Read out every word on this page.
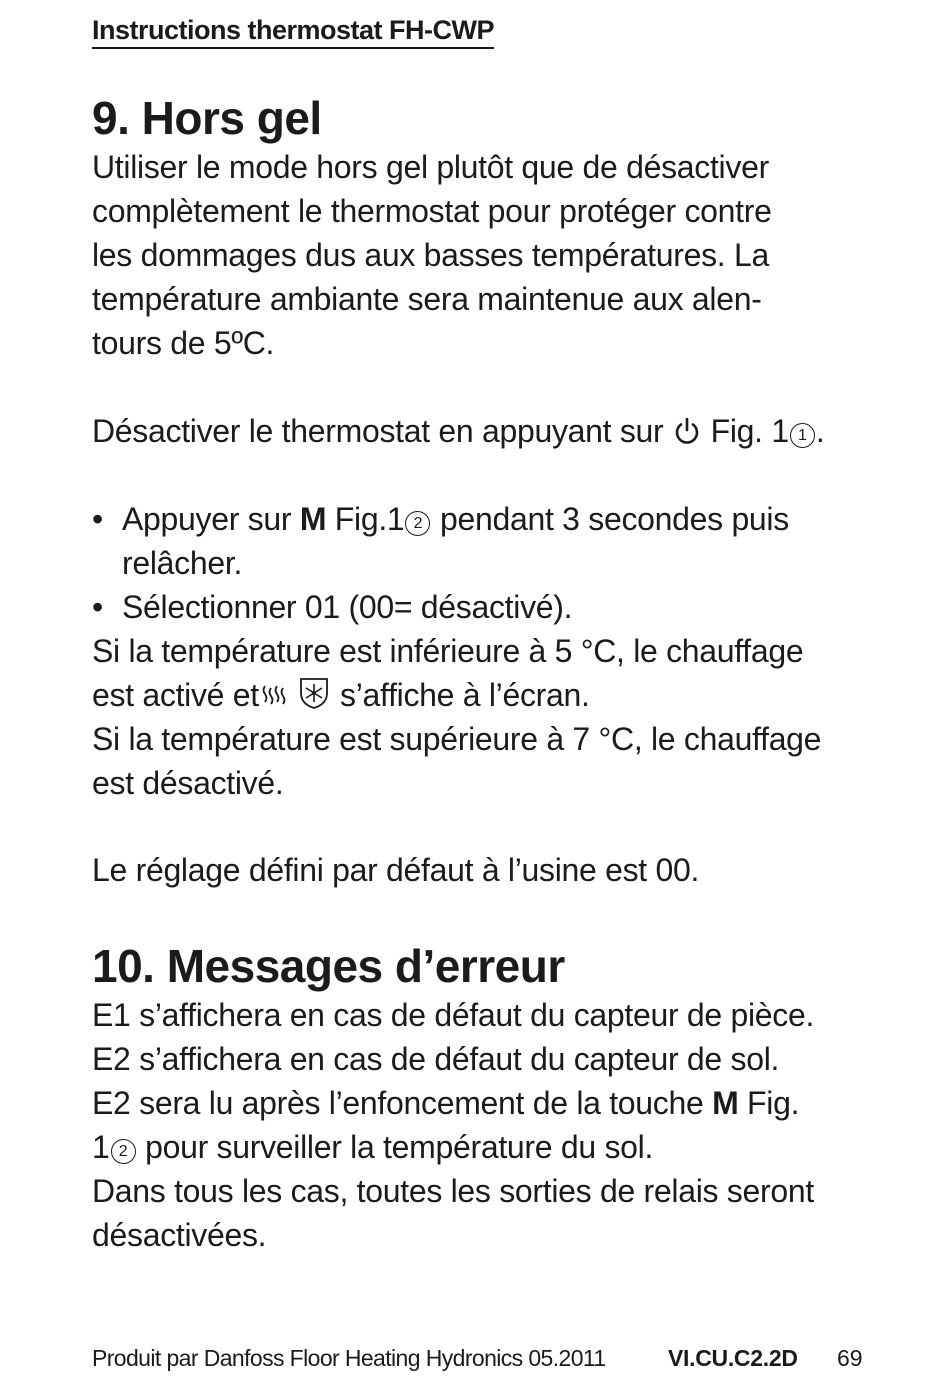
Instructions thermostat FH-CWP
9. Hors gel
Utiliser le mode hors gel plutôt que de désactiver
complètement le thermostat pour protéger contre
les dommages dus aux basses températures. La
température ambiante sera maintenue aux alen-
tours de 5ºC.
Désactiver le thermostat en appuyant sur  Fig. 1 1 .
• Appuyer sur M Fig.1 2 pendant 3 secondes puis
relâcher.
• Sélectionner 01 (00= désactivé).
Si la température est inférieure à 5 °C, le chauffage
est activé et	s’affiche à l’écran.
Si la température est supérieure à 7 °C, le chauffage
est désactivé.
Le réglage défini par défaut à l’usine est 00.
10. Messages d’erreur
E1 s’affichera en cas de défaut du capteur de pièce.
E2 s’affichera en cas de défaut du capteur de sol.
E2 sera lu après l’enfoncement de la touche M Fig.
1 2 pour surveiller la température du sol.
Dans tous les cas, toutes les sorties de relais seront
désactivées.
Produit par Danfoss Floor Heating Hydronics 05.2011	VI.CU.C2.2D 69
